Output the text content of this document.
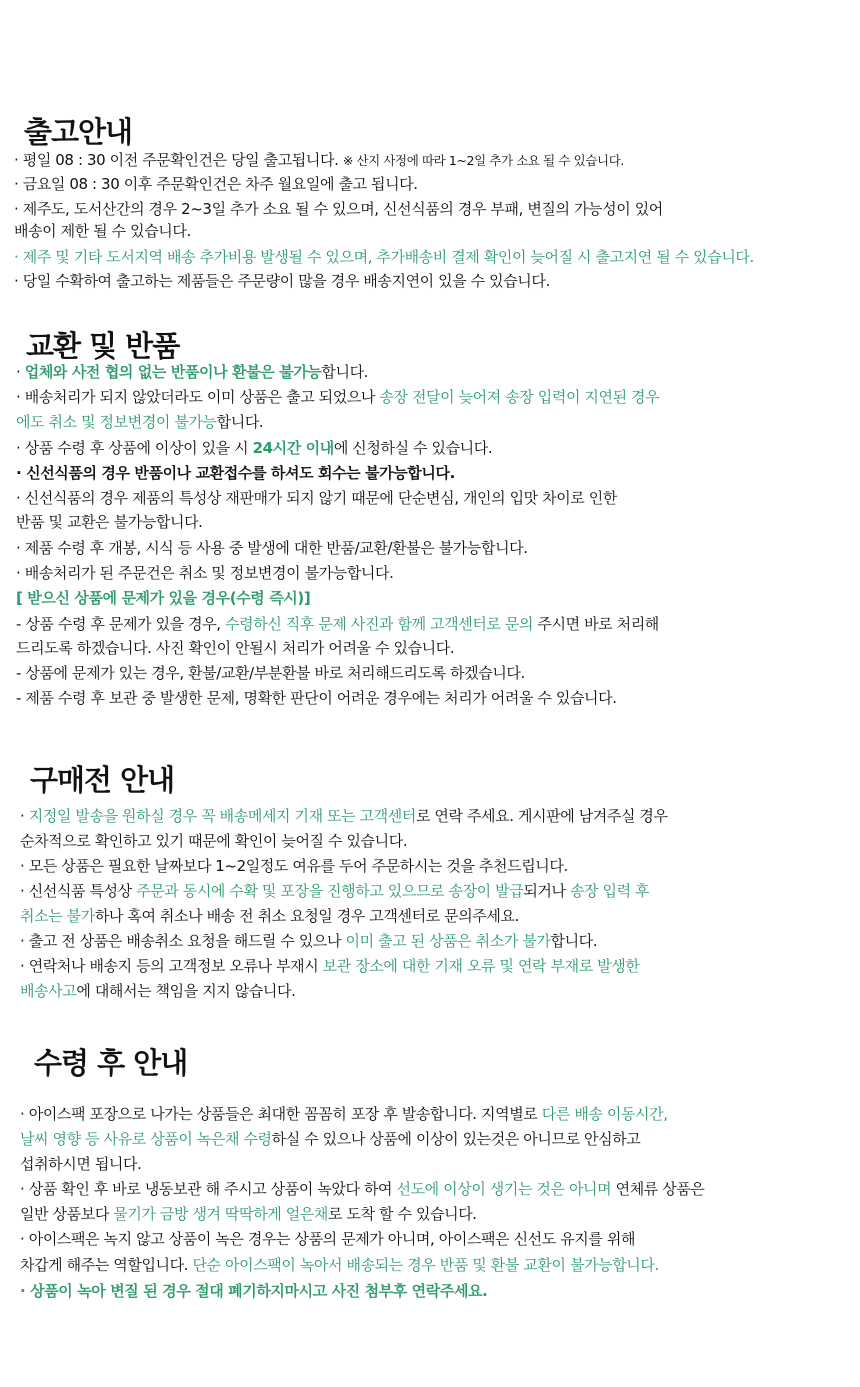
출고안내
· 평일 08 : 30 이전 주문확인건은 당일 출고됩니다. ※ 산지 사정에 따라 1~2일 추가 소요 될 수 있습니다.
· 금요일 08 : 30 이후 주문확인건은 차주 월요일에 출고 됩니다.
· 제주도, 도서산간의 경우 2~3일 추가 소요 될 수 있으며, 신선식품의 경우 부패, 변질의 가능성이 있어
배송이 제한 될 수 있습니다.
· 제주 및 기타 도서지역 배송 추가비용 발생될 수 있으며, 추가배송비 결제 확인이 늦어질 시 출고지연 될 수 있습니다.
· 당일 수확하여 출고하는 제품들은 주문량이 많을 경우 배송지연이 있을 수 있습니다.
교환 및 반품
· 업체와 사전 협의 없는 반품이나 환불은 불가능합니다.
· 배송처리가 되지 않았더라도 이미 상품은 출고 되었으나 송장 전달이 늦어져 송장 입력이 지연된 경우
에도 취소 및 정보변경이 불가능합니다.
· 상품 수령 후 상품에 이상이 있을 시 24시간 이내에 신청하실 수 있습니다.
· 신선식품의 경우 반품이나 교환접수를 하셔도 회수는 불가능합니다.
· 신선식품의 경우 제품의 특성상 재판매가 되지 않기 때문에 단순변심, 개인의 입맛 차이로 인한
반품 및 교환은 불가능합니다.
· 제품 수령 후 개봉, 시식 등 사용 중 발생에 대한 반품/교환/환불은 불가능합니다.
· 배송처리가 된 주문건은 취소 및 정보변경이 불가능합니다.
[ 받으신 상품에 문제가 있을 경우(수령 즉시)]
- 상품 수령 후 문제가 있을 경우, 수령하신 직후 문제 사진과 함께 고객센터로 문의 주시면 바로 처리해
드리도록 하겠습니다. 사진 확인이 안될시 처리가 어려울 수 있습니다.
- 상품에 문제가 있는 경우, 환불/교환/부분환불 바로 처리해드리도록 하겠습니다.
- 제품 수령 후 보관 중 발생한 문제, 명확한 판단이 어려운 경우에는 처리가 어려울 수 있습니다.
구매전 안내
· 지정일 발송을 원하실 경우 꼭 배송메세지 기재 또는 고객센터로 연락 주세요. 게시판에 남겨주실 경우
순차적으로 확인하고 있기 때문에 확인이 늦어질 수 있습니다.
· 모든 상품은 필요한 날짜보다 1~2일정도 여유를 두어 주문하시는 것을 추천드립니다.
· 신선식품 특성상 주문과 동시에 수확 및 포장을 진행하고 있으므로 송장이 발급되거나 송장 입력 후
취소는 불가하나 혹여 취소나 배송 전 취소 요청일 경우 고객센터로 문의주세요.
· 출고 전 상품은 배송취소 요청을 해드릴 수 있으나 이미 출고 된 상품은 취소가 불가합니다.
· 연락처나 배송지 등의 고객정보 오류나 부재시 보관 장소에 대한 기재 오류 및 연락 부재로 발생한
배송사고에 대해서는 책임을 지지 않습니다.
수령 후 안내
· 아이스팩 포장으로 나가는 상품들은 최대한 꼼꼼히 포장 후 발송합니다. 지역별로 다른 배송 이동시간,
날씨 영향 등 사유로 상품이 녹은채 수령하실 수 있으나 상품에 이상이 있는것은 아니므로 안심하고
섭취하시면 됩니다.
· 상품 확인 후 바로 냉동보관 해 주시고 상품이 녹았다 하여 선도에 이상이 생기는 것은 아니며 연체류 상품은
일반 상품보다 물기가 금방 생겨 딱딱하게 얼은채로 도착 할 수 있습니다.
· 아이스팩은 녹지 않고 상품이 녹은 경우는 상품의 문제가 아니며, 아이스팩은 신선도 유지를 위해
차갑게 해주는 역할입니다. 단순 아이스팩이 녹아서 배송되는 경우 반품 및 환불 교환이 불가능합니다.
· 상품이 녹아 변질 된 경우 절대 폐기하지마시고 사진 첨부후 연락주세요.
